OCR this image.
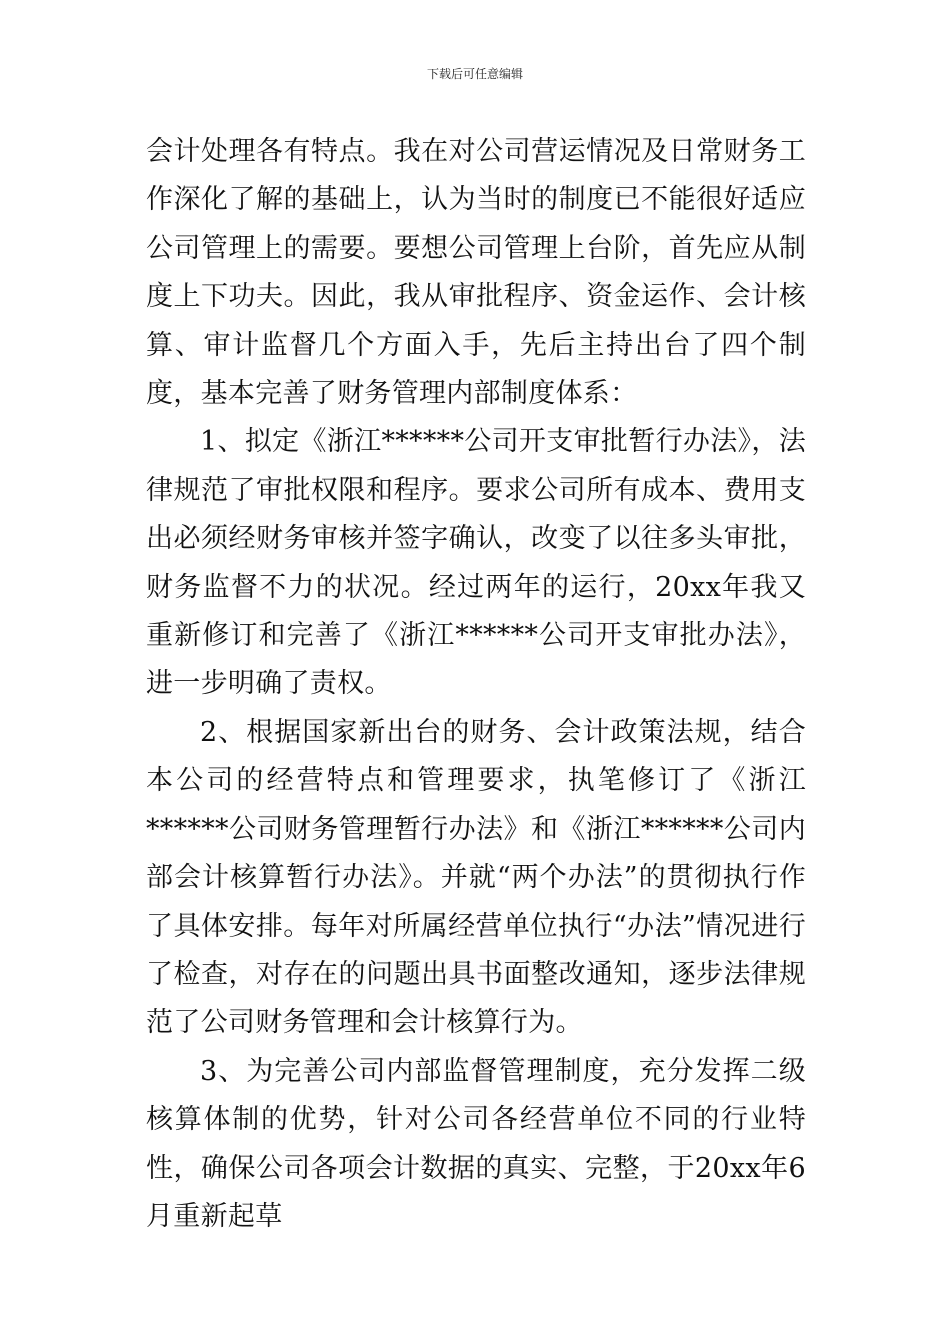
下载后可任意编辑

会计处理各有特点。我在对公司营运情况及日常财务工作深化了解的基础上，认为当时的制度已不能很好适应公司管理上的需要。要想公司管理上台阶，首先应从制度上下功夫。因此，我从审批程序、资金运作、会计核算、审计监督几个方面入手，先后主持出台了四个制度，基本完善了财务管理内部制度体系：

1、拟定《浙江******公司开支审批暂行办法》，法律规范了审批权限和程序。要求公司所有成本、费用支出必须经财务审核并签字确认，改变了以往多头审批，财务监督不力的状况。经过两年的运行，20xx年我又重新修订和完善了《浙江******公司开支审批办法》，进一步明确了责权。

2、根据国家新出台的财务、会计政策法规，结合本公司的经营特点和管理要求，执笔修订了《浙江******公司财务管理暂行办法》和《浙江******公司内部会计核算暂行办法》。并就“两个办法”的贯彻执行作了具体安排。每年对所属经营单位执行“办法”情况进行了检查，对存在的问题出具书面整改通知，逐步法律规范了公司财务管理和会计核算行为。

3、为完善公司内部监督管理制度，充分发挥二级核算体制的优势，针对公司各经营单位不同的行业特性，确保公司各项会计数据的真实、完整，于20xx年6月重新起草
